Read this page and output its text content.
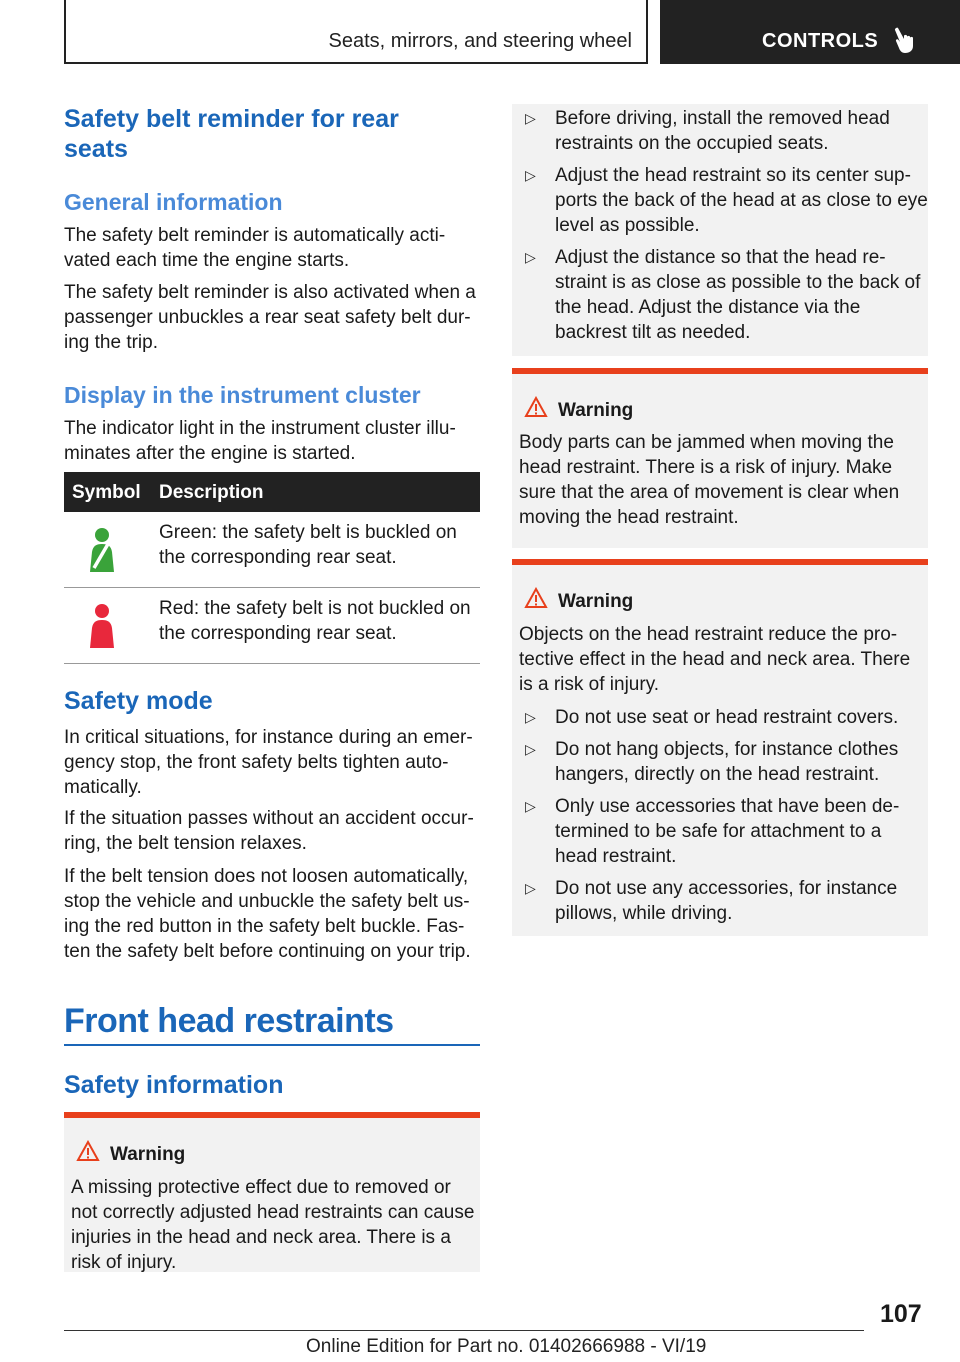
Seats, mirrors, and steering wheel	CONTROLS
Safety belt reminder for rear seats
General information

The safety belt reminder is automatically acti-vated each time the engine starts.

The safety belt reminder is also activated when a passenger unbuckles a rear seat safety belt dur-ing the trip.

Display in the instrument cluster

The indicator light in the instrument cluster illu-minates after the engine is started.

Symbol Description
Green: the safety belt is buckled on the corresponding rear seat.
Red: the safety belt is not buckled on the corresponding rear seat.
Safety mode

In critical situations, for instance during an emer-gency stop, the front safety belts tighten auto-matically.

If the situation passes without an accident occur-ring, the belt tension relaxes.

If the belt tension does not loosen automatically, stop the vehicle and unbuckle the safety belt us-ing the red button in the safety belt buckle. Fas-ten the safety belt before continuing on your trip.

Front head restraints
Safety information
Warning

A missing protective effect due to removed or not correctly adjusted head restraints can cause injuries in the head and neck area. There is a risk of injury.

▷ Before driving, install the removed head restraints on the occupied seats.
▷ Adjust the head restraint so its center sup-ports the back of the head at as close to eye level as possible.
▷ Adjust the distance so that the head re-straint is as close as possible to the back of the head. Adjust the distance via the backrest tilt as needed.
Warning

Body parts can be jammed when moving the head restraint. There is a risk of injury. Make sure that the area of movement is clear when moving the head restraint.

Warning

Objects on the head restraint reduce the pro-tective effect in the head and neck area. There is a risk of injury.

▷ Do not use seat or head restraint covers.
▷ Do not hang objects, for instance clothes hangers, directly on the head restraint.
▷ Only use accessories that have been de-termined to be safe for attachment to a head restraint.
▷ Do not use any accessories, for instance pillows, while driving.
107
Online Edition for Part no. 01402666988 - VI/19
